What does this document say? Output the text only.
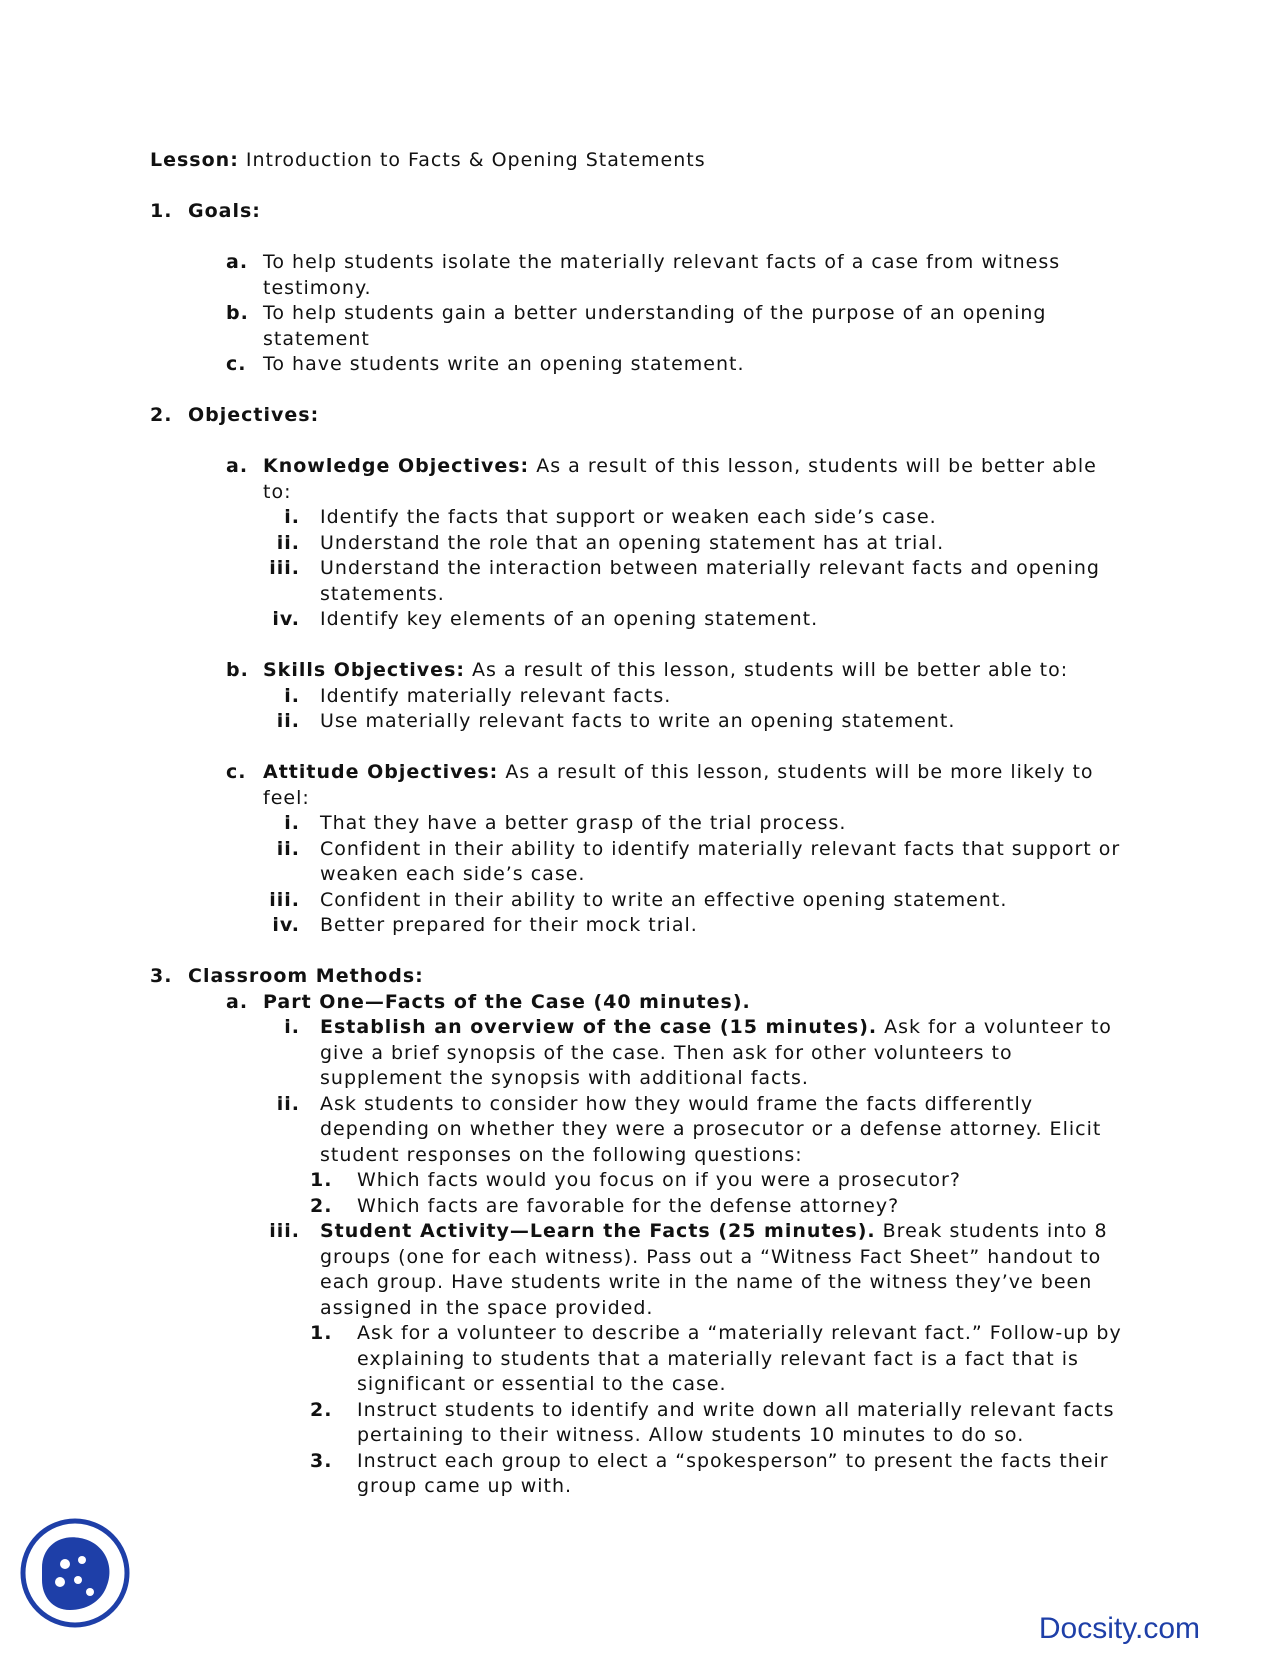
Lesson: Introduction to Facts & Opening Statements
1. Goals:
a. To help students isolate the materially relevant facts of a case from witness
testimony.
b. To help students gain a better understanding of the purpose of an opening
statement
c. To have students write an opening statement.
2. Objectives:
a. Knowledge Objectives: As a result of this lesson, students will be better able
to:
i. Identify the facts that support or weaken each side’s case.
ii. Understand the role that an opening statement has at trial.
iii. Understand the interaction between materially relevant facts and opening
statements.
iv. Identify key elements of an opening statement.
b. Skills Objectives: As a result of this lesson, students will be better able to:
i. Identify materially relevant facts.
ii. Use materially relevant facts to write an opening statement.
c. Attitude Objectives: As a result of this lesson, students will be more likely to
feel:
i. That they have a better grasp of the trial process.
ii. Confident in their ability to identify materially relevant facts that support or
weaken each side’s case.
iii. Confident in their ability to write an effective opening statement.
iv. Better prepared for their mock trial.
3. Classroom Methods:
a. Part One—Facts of the Case (40 minutes).
i. Establish an overview of the case (15 minutes). Ask for a volunteer to
give a brief synopsis of the case. Then ask for other volunteers to
supplement the synopsis with additional facts.
ii. Ask students to consider how they would frame the facts differently
depending on whether they were a prosecutor or a defense attorney. Elicit
student responses on the following questions:
1.	Which facts would you focus on if you were a prosecutor?
2.	Which facts are favorable for the defense attorney?
iii. Student Activity—Learn the Facts (25 minutes). Break students into 8
groups (one for each witness). Pass out a “Witness Fact Sheet” handout to
each group. Have students write in the name of the witness they’ve been
assigned in the space provided.
1.	Ask for a volunteer to describe a “materially relevant fact.” Follow-up by
explaining to students that a materially relevant fact is a fact that is
significant or essential to the case.
2.	Instruct students to identify and write down all materially relevant facts
pertaining to their witness. Allow students 10 minutes to do so.
3.	Instruct each group to elect a “spokesperson” to present the facts their
group came up with.
Docsity.com
